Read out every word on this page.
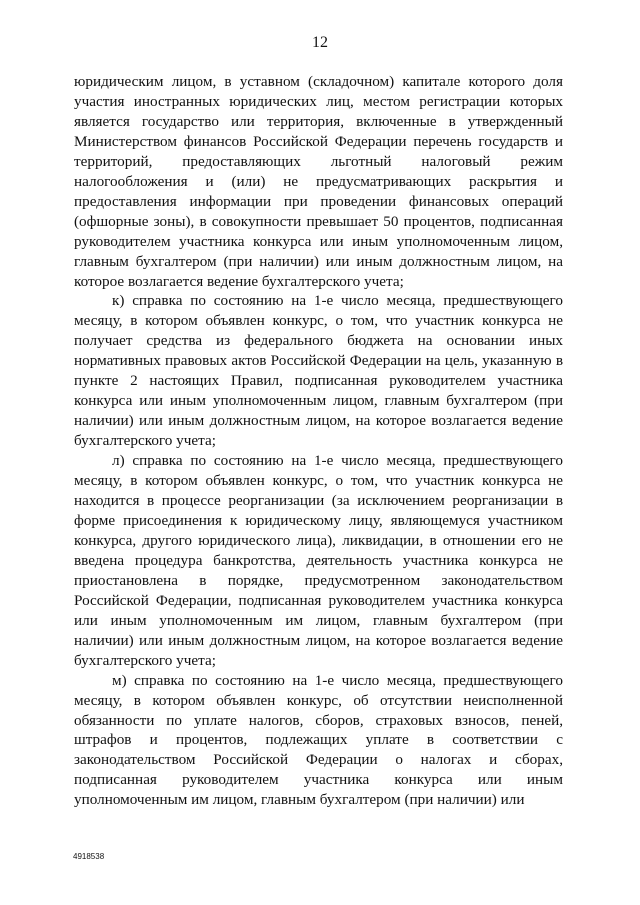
12

юридическим лицом, в уставном (складочном) капитале которого доля участия иностранных юридических лиц, местом регистрации которых является государство или территория, включенные в утвержденный Министерством финансов Российской Федерации перечень государств и территорий, предоставляющих льготный налоговый режим налогообложения и (или) не предусматривающих раскрытия и предоставления информации при проведении финансовых операций (офшорные зоны), в совокупности превышает 50 процентов, подписанная руководителем участника конкурса или иным уполномоченным лицом, главным бухгалтером (при наличии) или иным должностным лицом, на которое возлагается ведение бухгалтерского учета;

к) справка по состоянию на 1-е число месяца, предшествующего месяцу, в котором объявлен конкурс, о том, что участник конкурса не получает средства из федерального бюджета на основании иных нормативных правовых актов Российской Федерации на цель, указанную в пункте 2 настоящих Правил, подписанная руководителем участника конкурса или иным уполномоченным лицом, главным бухгалтером (при наличии) или иным должностным лицом, на которое возлагается ведение бухгалтерского учета;

л) справка по состоянию на 1-е число месяца, предшествующего месяцу, в котором объявлен конкурс, о том, что участник конкурса не находится в процессе реорганизации (за исключением реорганизации в форме присоединения к юридическому лицу, являющемуся участником конкурса, другого юридического лица), ликвидации, в отношении его не введена процедура банкротства, деятельность участника конкурса не приостановлена в порядке, предусмотренном законодательством Российской Федерации, подписанная руководителем участника конкурса или иным уполномоченным им лицом, главным бухгалтером (при наличии) или иным должностным лицом, на которое возлагается ведение бухгалтерского учета;

м) справка по состоянию на 1-е число месяца, предшествующего месяцу, в котором объявлен конкурс, об отсутствии неисполненной обязанности по уплате налогов, сборов, страховых взносов, пеней, штрафов и процентов, подлежащих уплате в соответствии с законодательством Российской Федерации о налогах и сборах, подписанная руководителем участника конкурса или иным уполномоченным им лицом, главным бухгалтером (при наличии) или

4918538
